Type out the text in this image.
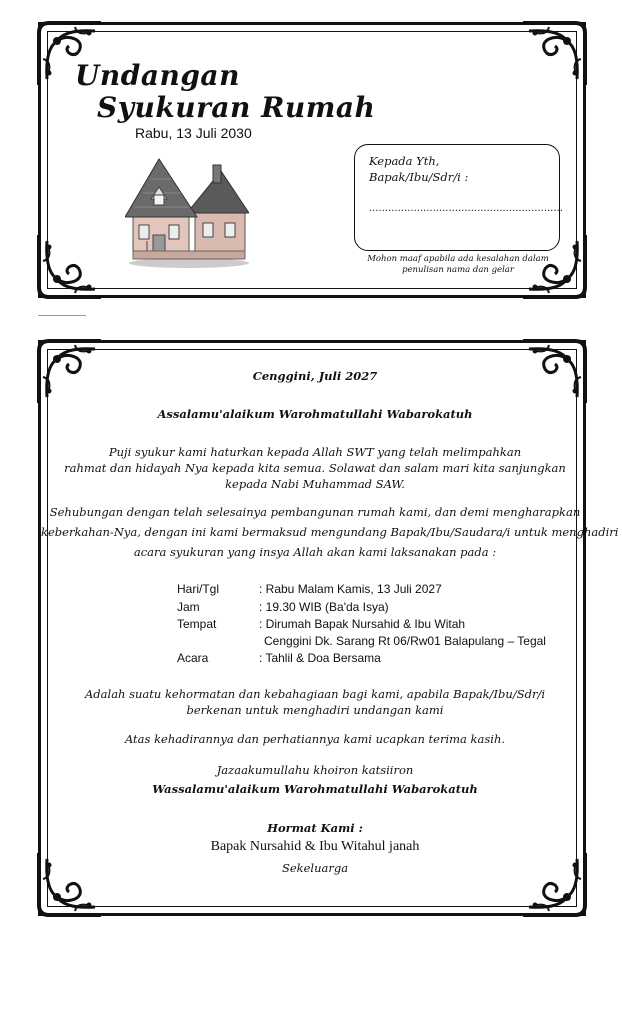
Undangan
Syukuran Rumah
Rabu, 13 Juli 2030
Kepada Yth,
Bapak/Ibu/Sdr/i :
.............................................................
Mohon maaf apabila ada kesalahan dalam
penulisan nama dan gelar
Cenggini, Juli 2027
Assalamu'alaikum Warohmatullahi Wabarokatuh
Puji syukur kami haturkan kepada Allah SWT yang telah melimpahkan
rahmat dan hidayah Nya kepada kita semua. Solawat dan salam mari kita sanjungkan
kepada Nabi Muhammad SAW.
Sehubungan dengan telah selesainya pembangunan rumah kami, dan demi mengharapkan
keberkahan-Nya, dengan ini kami bermaksud mengundang Bapak/Ibu/Saudara/i untuk menghadiri
acara syukuran yang insya Allah akan kami laksanakan pada :
Hari/Tgl	: Rabu Malam Kamis, 13 Juli 2027
Jam	: 19.30 WIB (Ba'da Isya)
Tempat	: Dirumah Bapak Nursahid & Ibu Witah
Cenggini Dk. Sarang Rt 06/Rw01 Balapulang – Tegal
Acara	: Tahlil & Doa Bersama
Adalah suatu kehormatan dan kebahagiaan bagi kami, apabila Bapak/Ibu/Sdr/i
berkenan untuk menghadiri undangan kami
Atas kehadirannya dan perhatiannya kami ucapkan terima kasih.
Jazaakumullahu khoiron katsiiron
Wassalamu'alaikum Warohmatullahi Wabarokatuh
Hormat Kami :
Bapak Nursahid & Ibu Witahul janah
Sekeluarga
